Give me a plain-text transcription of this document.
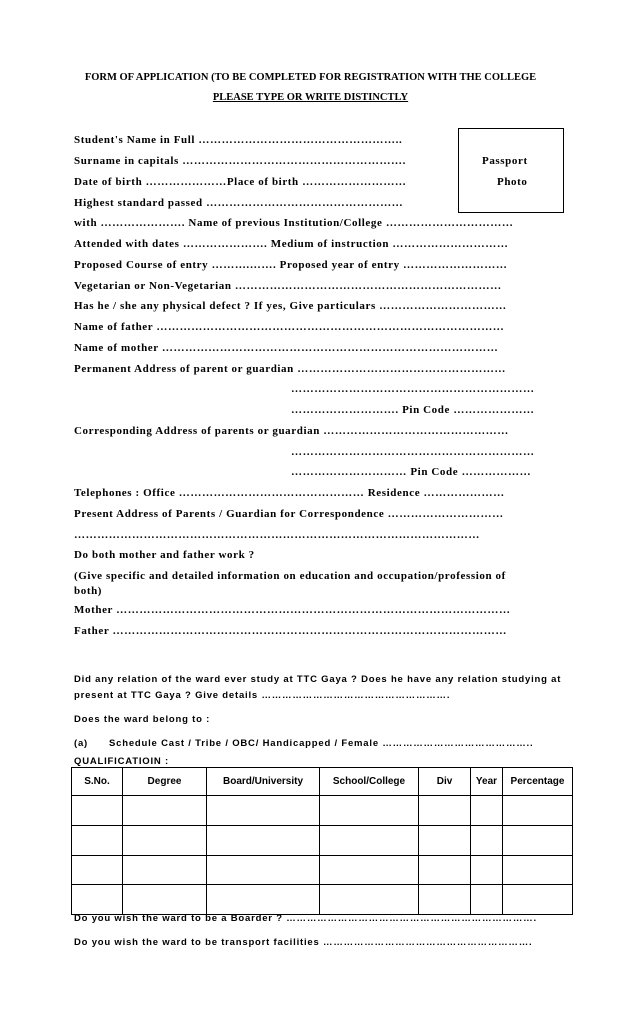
FORM OF APPLICATION (TO BE COMPLETED FOR REGISTRATION WITH THE COLLEGE
PLEASE TYPE OR WRITE DISTINCTLY
Passport
Photo
Student's Name in Full ……………………………………………..
Surname in capitals ………………………………………………….
Date of birth …………………Place of birth ………………………
Highest standard passed ……………………………………………
with …………………. Name of previous Institution/College ……………………………
Attended with dates …………………. Medium of instruction …………………………
Proposed Course of entry ……….……. Proposed year of entry ………………………
Vegetarian or Non-Vegetarian ……………………………………………………………
Has he / she any physical defect ? If yes, Give particulars ……………………………
Name of father ………………………………………………………………………………
Name of mother ……………………………………………………………………………
Permanent Address of parent or guardian ………………………………………………
………………………………………………………
………………………. Pin Code …………………
Corresponding Address of parents or guardian …………………………………………
………………………………………………………
………………………… Pin Code ………………
Telephones : Office ………………………………………… Residence …………………
Present Address of Parents / Guardian for Correspondence …………………………
……………………………………………………………………………………………
Do both mother and father work ?
(Give specific and detailed information on education and occupation/profession of
both)
Mother …………………………………………………………………………………………
Father …………………………………………………………………………………………
Did any relation of the ward ever study at TTC Gaya ? Does he have any relation studying at
present at TTC Gaya ? Give details ……………………………………………….
Does the ward belong to :
(a) Schedule Cast / Tribe / OBC/ Handicapped / Female ……………………………………..
QUALIFICATIOIN :
S.No.	Degree	Board/University	School/College	Div	Year	Percentage

Do you wish the ward to be a Boarder ? ……………………………………………………………….
Do you wish the ward to be transport facilities …………………………………………………….
